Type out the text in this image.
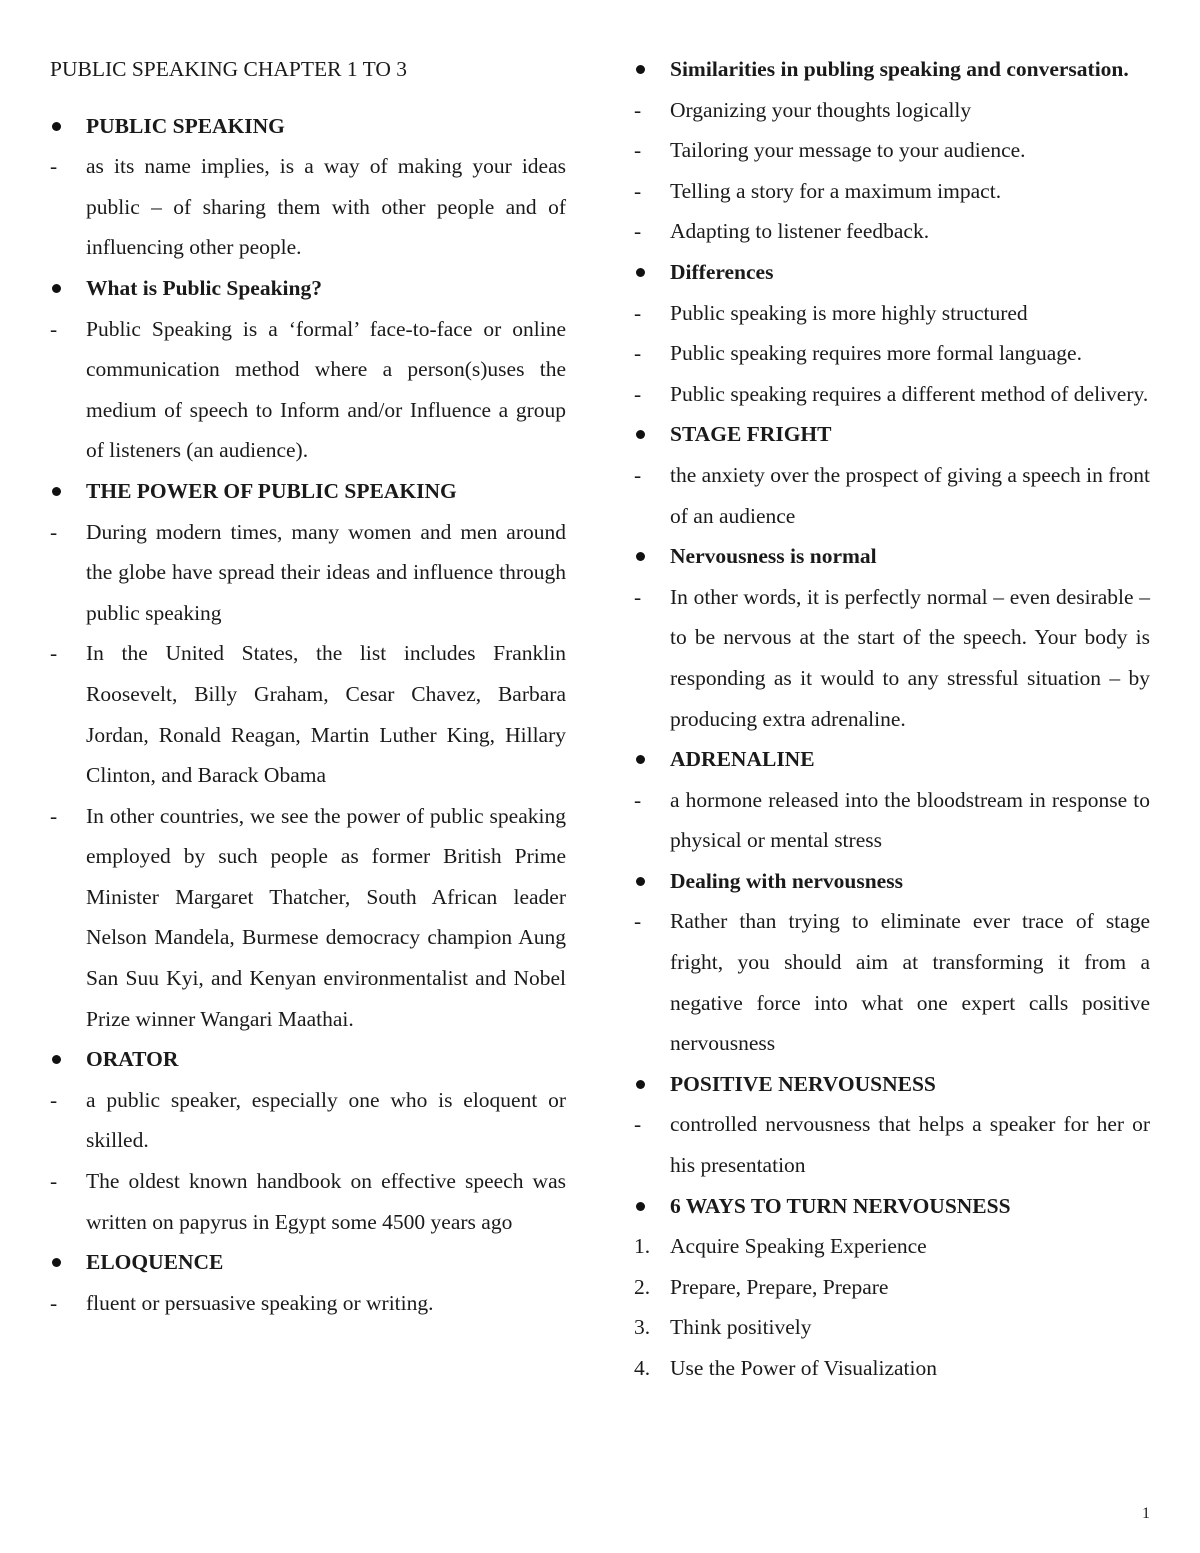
PUBLIC SPEAKING CHAPTER 1 TO 3
PUBLIC SPEAKING
as its name implies, is a way of making your ideas public – of sharing them with other people and of influencing other people.
What is Public Speaking?
Public Speaking is a ‘formal’ face-to-face or online communication method where a person(s)uses the medium of speech to Inform and/or Influence a group of listeners (an audience).
THE POWER OF PUBLIC SPEAKING
During modern times, many women and men around the globe have spread their ideas and influence through public speaking
In the United States, the list includes Franklin Roosevelt, Billy Graham, Cesar Chavez, Barbara Jordan, Ronald Reagan, Martin Luther King, Hillary Clinton, and Barack Obama
In other countries, we see the power of public speaking employed by such people as former British Prime Minister Margaret Thatcher, South African leader Nelson Mandela, Burmese democracy champion Aung San Suu Kyi, and Kenyan environmentalist and Nobel Prize winner Wangari Maathai.
ORATOR
a public speaker, especially one who is eloquent or skilled.
The oldest known handbook on effective speech was written on papyrus in Egypt some 4500 years ago
ELOQUENCE
fluent or persuasive speaking or writing.
Similarities in publing speaking and conversation.
Organizing your thoughts logically
Tailoring your message to your audience.
Telling a story for a maximum impact.
Adapting to listener feedback.
Differences
Public speaking is more highly structured
Public speaking requires more formal language.
Public speaking requires a different method of delivery.
STAGE FRIGHT
the anxiety over the prospect of giving a speech in front of an audience
Nervousness is normal
In other words, it is perfectly normal – even desirable – to be nervous at the start of the speech. Your body is responding as it would to any stressful situation – by producing extra adrenaline.
ADRENALINE
a hormone released into the bloodstream in response to physical or mental stress
Dealing with nervousness
Rather than trying to eliminate ever trace of stage fright, you should aim at transforming it from a negative force into what one expert calls positive nervousness
POSITIVE NERVOUSNESS
controlled nervousness that helps a speaker for her or his presentation
6 WAYS TO TURN NERVOUSNESS
1. Acquire Speaking Experience
2. Prepare, Prepare, Prepare
3. Think positively
4. Use the Power of Visualization
1
